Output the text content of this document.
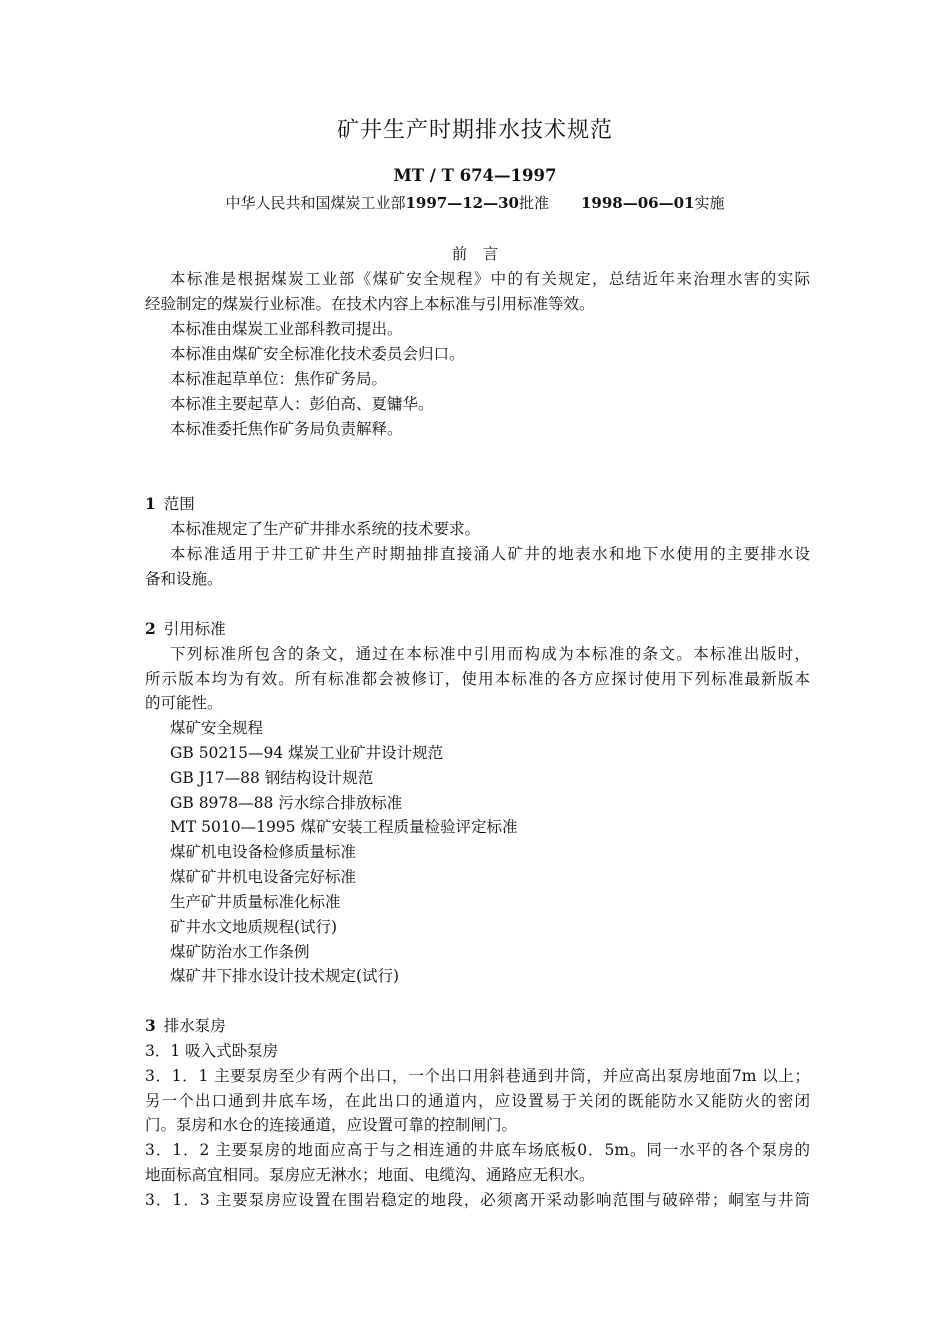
矿井生产时期排水技术规范
MT / T 674—1997
中华人民共和国煤炭工业部1997—12—30批准 1998—06—01实施
前　言
本标准是根据煤炭工业部《煤矿安全规程》中的有关规定，总结近年来治理水害的实际
经验制定的煤炭行业标准。在技术内容上本标准与引用标准等效。
本标准由煤炭工业部科教司提出。
本标准由煤矿安全标准化技术委员会归口。
本标准起草单位：焦作矿务局。
本标准主要起草人：彭伯高、夏镛华。
本标准委托焦作矿务局负责解释。
1 范围
本标准规定了生产矿井排水系统的技术要求。
本标准适用于井工矿井生产时期抽排直接涌人矿井的地表水和地下水使用的主要排水设
备和设施。
2 引用标准
下列标准所包含的条文，通过在本标准中引用而构成为本标准的条文。本标准出版时，
所示版本均为有效。所有标准都会被修订，使用本标准的各方应探讨使用下列标准最新版本
的可能性。
煤矿安全规程
GB 50215—94 煤炭工业矿井设计规范
GB J17—88 钢结构设计规范
GB 8978—88 污水综合排放标准
MT 5010—1995 煤矿安装工程质量检验评定标准
煤矿机电设备检修质量标准
煤矿矿井机电设备完好标准
生产矿井质量标准化标准
矿井水文地质规程(试行)
煤矿防治水工作条例
煤矿井下排水设计技术规定(试行)
3 排水泵房
3．1 吸入式卧泵房
3．1．1 主要泵房至少有两个出口，一个出口用斜巷通到井筒，并应高出泵房地面7m 以上；
另一个出口通到井底车场，在此出口的通道内，应设置易于关闭的既能防水又能防火的密闭
门。泵房和水仓的连接通道，应设置可靠的控制闸门。
3．1．2 主要泵房的地面应高于与之相连通的井底车场底板0．5m。同一水平的各个泵房的
地面标高宜相同。泵房应无淋水；地面、电缆沟、通路应无积水。
3．1．3 主要泵房应设置在围岩稳定的地段，必须离开采动影响范围与破碎带；峒室与井筒
